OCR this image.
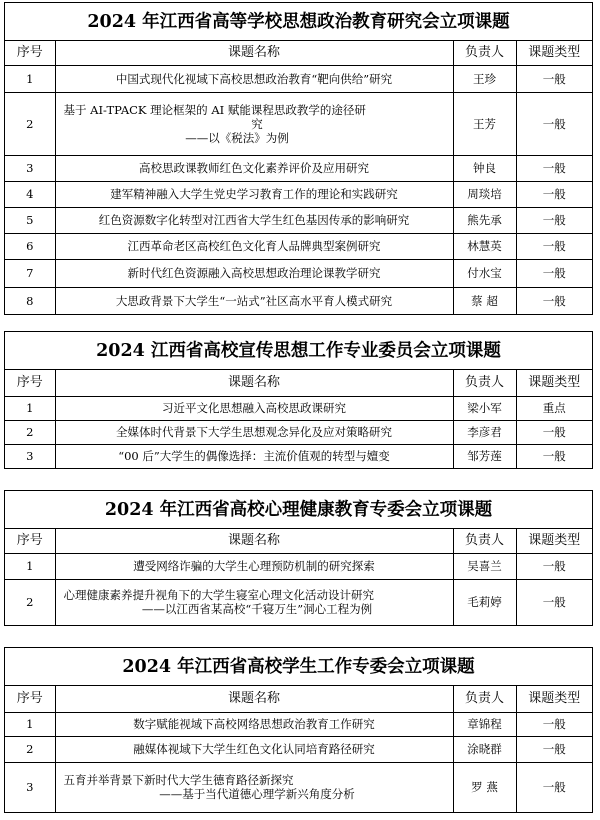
2024 年江西省高等学校思想政治教育研究会立项课题
序号	课题名称	负责人	课题类型
1	中国式现代化视域下高校思想政治教育“靶向供给”研究	王珍	一般
2	基于 AI-TPACK 理论框架的 AI 赋能课程思政教学的途径研
究
——以《税法》为例	王芳	一般
3	高校思政课教师红色文化素养评价及应用研究	钟良	一般
4	建军精神融入大学生党史学习教育工作的理论和实践研究	周琰培	一般
5	红色资源数字化转型对江西省大学生红色基因传承的影响研究	熊先承	一般
6	江西革命老区高校红色文化育人品牌典型案例研究	林慧英	一般
7	新时代红色资源融入高校思想政治理论课教学研究	付水宝	一般
8	大思政背景下大学生“一站式”社区高水平育人模式研究	蔡 超	一般
2024 江西省高校宣传思想工作专业委员会立项课题
序号	课题名称	负责人	课题类型
1	习近平文化思想融入高校思政课研究	梁小军	重点
2	全媒体时代背景下大学生思想观念异化及应对策略研究	李彦君	一般
3	“00 后”大学生的偶像选择：主流价值观的转型与嬗变	邹芳莲	一般
2024 年江西省高校心理健康教育专委会立项课题
序号	课题名称	负责人	课题类型
1	遭受网络诈骗的大学生心理预防机制的研究探索	吴喜兰	一般
2	心理健康素养提升视角下的大学生寝室心理文化活动设计研究
——以江西省某高校“千寝万生”洞心工程为例	毛莉婷	一般
2024 年江西省高校学生工作专委会立项课题
序号	课题名称	负责人	课题类型
1	数字赋能视域下高校网络思想政治教育工作研究	章锦程	一般
2	融媒体视域下大学生红色文化认同培育路径研究	涂晓群	一般
3	五育并举背景下新时代大学生德育路径新探究
——基于当代道德心理学新兴角度分析	罗 燕	一般
